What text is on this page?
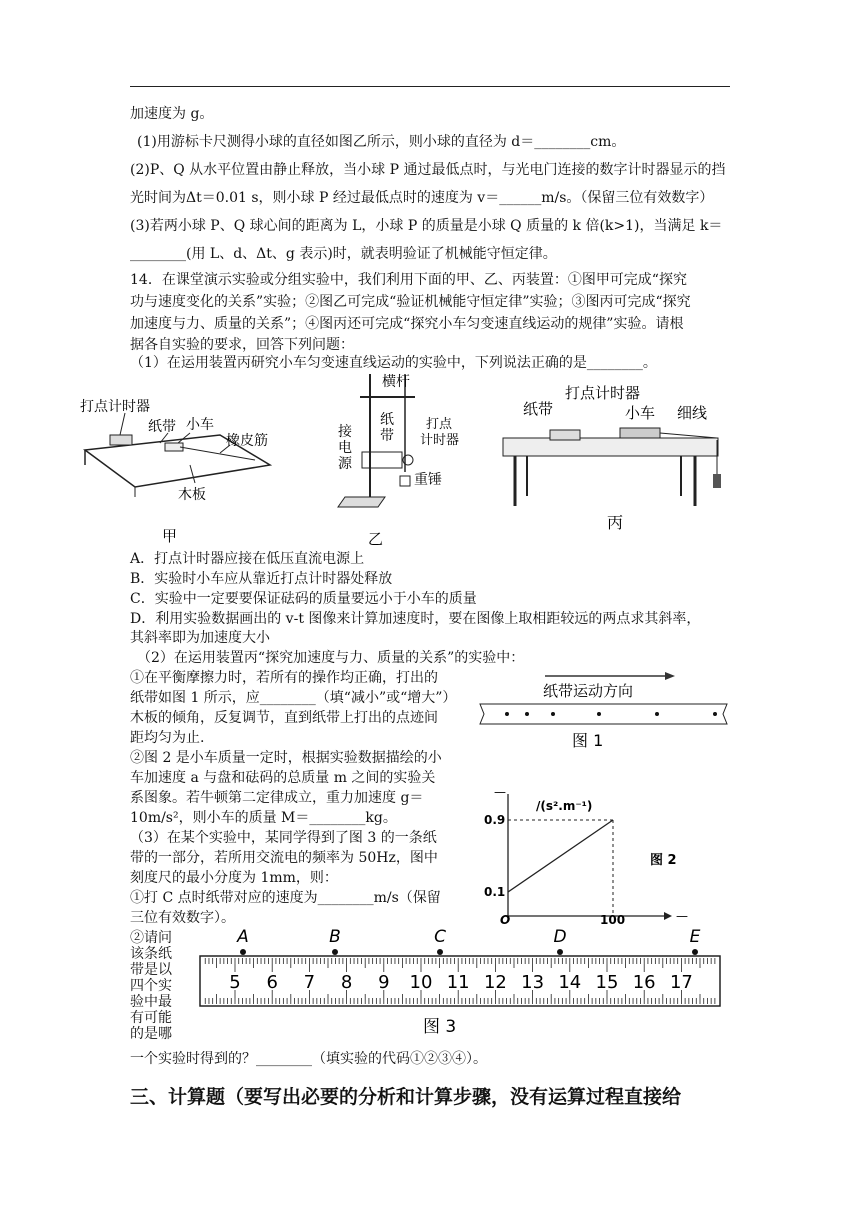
加速度为 g。
(1)用游标卡尺测得小球的直径如图乙所示，则小球的直径为 d＝________cm。
(2)P、Q 从水平位置由静止释放，当小球 P 通过最低点时，与光电门连接的数字计时器显示的挡
光时间为Δt＝0.01 s，则小球 P 经过最低点时的速度为 v＝______m/s。（保留三位有效数字）
(3)若两小球 P、Q 球心间的距离为 L，小球 P 的质量是小球 Q 质量的 k 倍(k>1)，当满足 k＝
________(用 L、d、Δt、g 表示)时，就表明验证了机械能守恒定律。
14．在课堂演示实验或分组实验中，我们利用下面的甲、乙、丙装置：①图甲可完成“探究
功与速度变化的关系”实验；②图乙可完成“验证机械能守恒定律”实验；③图丙可完成“探究
加速度与力、质量的关系”；④图丙还可完成“探究小车匀变速直线运动的规律”实验。请根
据各自实验的要求，回答下列问题：
（1）在运用装置丙研究小车匀变速直线运动的实验中，下列说法正确的是________。
打点计时器
纸带 小车
橡皮筋
木板
甲
横杆
纸
带
打点
计时器
接
电
源
重锤
乙
打点计时器
纸带	小车 细线
丙
A．打点计时器应接在低压直流电源上
B．实验时小车应从靠近打点计时器处释放
C．实验中一定要要保证砝码的质量要远小于小车的质量
D．利用实验数据画出的 v-t 图像来计算加速度时，要在图像上取相距较远的两点求其斜率，
其斜率即为加速度大小
（2）在运用装置丙“探究加速度与力、质量的关系”的实验中：
①在平衡摩擦力时，若所有的操作均正确，打出的
纸带如图 1 所示，应________（填“减小”或“增大”）
木板的倾角，反复调节，直到纸带上打出的点迹间
距均匀为止.
②图 2 是小车质量一定时，根据实验数据描绘的小
车加速度 a 与盘和砝码的总质量 m 之间的实验关
系图象。若牛顿第二定律成立，重力加速度 g＝
10m/s²，则小车的质量 M＝________kg。
（3）在某个实验中，某同学得到了图 3 的一条纸
带的一部分，若所用交流电的频率为 50Hz，图中
刻度尺的最小分度为 1mm，则：
①打 C 点时纸带对应的速度为________m/s（保留
三位有效数字）。
纸带运动方向
图 1
—
/(s².m⁻¹)
0.9
0.1
O	100	—
图 2
A	B	C	D	E
5 6 7 8 9 10 11 12 13 14 15 16 17
图 3
②请问
该条纸
带是以
四个实
验中最
有可能
的是哪
一个实验时得到的？________（填实验的代码①②③④）。
三、计算题（要写出必要的分析和计算步骤，没有运算过程直接给
